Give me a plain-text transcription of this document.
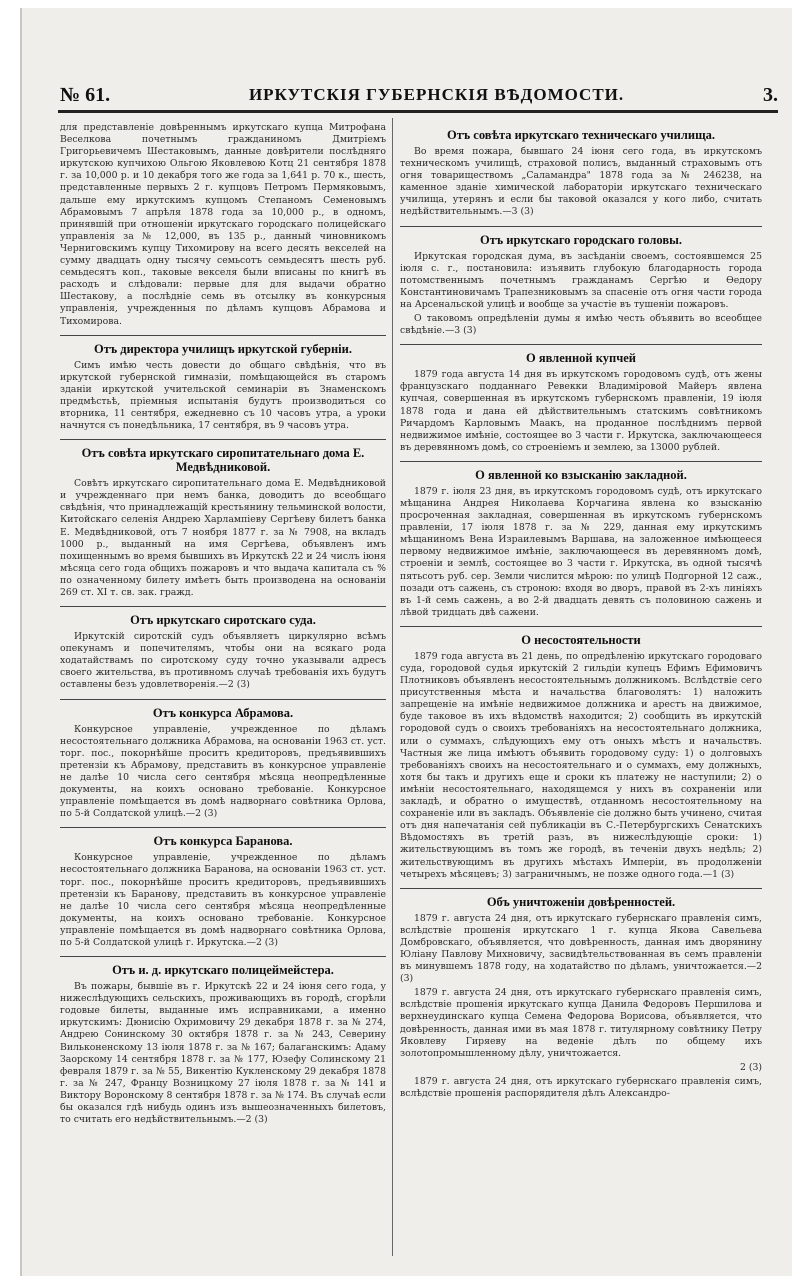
№ 61.	ИРКУТСКІЯ ГУБЕРНСКІЯ ВѢДОМОСТИ.	3.

для представленіе довѣреннымъ иркутскаго купца Митрофана Веселкова почетнымъ гражданиномъ Дмитріемъ Григорьевичемъ Шестаковымъ, данные довѣрители послѣдняго иркутскою купчихою Ольгою Яковлевою Котц 21 сентября 1878 г. за 10,000 р. и 10 декабря того же года за 1,641 р. 70 к., шесть, представленные первыхъ 2 г. купцовъ Петромъ Пермяковымъ, дальше ему иркутскимъ купцомъ Степаномъ Семеновымъ Абрамовымъ 7 апрѣля 1878 года за 10,000 р., в одномъ, принявшій при отношеніи иркутскаго городскаго полицейскаго управленія за № 12,000, въ 135 р., данный чиновникомъ Черниговскимъ купцу Тихомирову на всего десять векселей на сумму двадцать одну тысячу семьсотъ семьдесятъ шесть руб. семьдесятъ коп., таковые векселя были вписаны по книгѣ въ расходъ и слѣдовали: первые для для выдачи обратно Шестакову, а послѣдніе семь въ отсылку въ конкурсныя управленія, учрежденныя по дѣламъ купцовъ Абрамова и Тихомирова.

Отъ директора училищъ иркутской губерніи.

Симъ имѣю честь довести до общаго свѣдѣнія, что въ иркутской губернской гимназіи, помѣщающейся въ старомъ зданіи иркутской учительской семинаріи въ Знаменскомъ предмѣстьѣ, пріемныя испытанія будутъ производиться со вторника, 11 сентября, ежедневно съ 10 часовъ утра, а уроки начнутся съ понедѣльника, 17 сентября, въ 9 часовъ утра.

Отъ совѣта иркутскаго сиропитательнаго дома Е. Медвѣдниковой.

Совѣтъ иркутскаго сиропитательнаго дома Е. Медвѣдниковой и учрежденнаго при немъ банка, доводитъ до всеобщаго свѣдѣнія, что принадлежащій крестьянину тельминской волости, Китойскаго селенія Андрею Харлампіеву Сергѣеву билетъ банка Е. Медвѣдниковой, отъ 7 ноября 1877 г. за № 7908, на вкладъ 1000 р., выданный на имя Сергѣева, объявленъ имъ похищеннымъ во время бывшихъ въ Иркутскѣ 22 и 24 числъ іюня мѣсяца сего года общихъ пожаровъ и что выдача капитала съ % по означенному билету имѣетъ быть производена на основаніи 269 ст. XI т. св. зак. гражд.

Отъ иркутскаго сиротскаго суда.

Иркутскій сиротскій судъ объявляетъ циркулярно всѣмъ опекунамъ и попечителямъ, чтобы они на всякаго рода ходатайствамъ по сиротскому суду точно указывали адресъ своего жительства, въ противномъ случаѣ требованія ихъ будутъ оставлены безъ удовлетворенія.—2 (3)

Отъ конкурса Абрамова.

Конкурсное управленіе, учрежденное по дѣламъ несостоятельнаго должника Абрамова, на основаніи 1963 ст. уст. торг. пос., покорнѣйше проситъ кредиторовъ, предъявившихъ претензіи къ Абрамову, представить въ конкурсное управленіе не далѣе 10 числа сего сентября мѣсяца неопредѣленные документы, на коихъ основано требованіе. Конкурсное управленіе помѣщается въ домѣ надворнаго совѣтника Орлова, по 5-й Солдатской улицѣ.—2 (3)

Отъ конкурса Баранова.

Конкурсное управленіе, учрежденное по дѣламъ несостоятельнаго должника Баранова, на основаніи 1963 ст. уст. торг. пос., покорнѣйше проситъ кредиторовъ, предъявившихъ претензіи къ Баранову, представить въ конкурсное управленіе не далѣе 10 числа сего сентября мѣсяца неопредѣленные документы, на коихъ основано требованіе. Конкурсное управленіе помѣщается въ домѣ надворнаго совѣтника Орлова, по 5-й Солдатской улицѣ г. Иркутска.—2 (3)

Отъ и. д. иркутскаго полицеймейстера.

Въ пожары, бывшіе въ г. Иркутскѣ 22 и 24 іюня сего года, у нижеслѣдующихъ сельскихъ, проживающихъ въ городѣ, сгорѣли годовые билеты, выданные имъ исправниками, а именно иркутскимъ: Дюнисію Охримовичу 29 декабря 1878 г. за № 274, Андрею Сонинскому 30 октября 1878 г. за № 243, Северину Вильконенскому 13 іюля 1878 г. за № 167; балаганскимъ: Адаму Заорскому 14 сентября 1878 г. за № 177, Юзефу Солинскому 21 февраля 1879 г. за № 55, Викентію Кукленскому 29 декабря 1878 г. за № 247, Францу Возницкому 27 іюля 1878 г. за № 141 и Виктору Воронскому 8 сентября 1878 г. за № 174. Въ случаѣ если бы оказался гдѣ нибудь одинъ изъ вышеозначенныхъ билетовъ, то считать его недѣйствительнымъ.—2 (3)

Отъ совѣта иркутскаго техническаго училища.

Во время пожара, бывшаго 24 іюня сего года, въ иркутскомъ техническомъ училищѣ, страховой полисъ, выданный страховымъ отъ огня товариществомъ „Саламандра" 1878 года за № 246238, на каменное зданіе химической лабораторіи иркутскаго техническаго училища, утерянъ и если бы таковой оказался у кого либо, считать недѣйствительнымъ.—3 (3)

Отъ иркутскаго городскаго головы.

Иркутская городская дума, въ засѣданіи своемъ, состоявшемся 25 іюля с. г., постановила: изъявить глубокую благодарность города потомственнымъ почетнымъ гражданамъ Сергѣю и Ѳедору Константиновичамъ Трапезниковымъ за спасеніе отъ огня части города на Арсенальской улицѣ и вообще за участіе въ тушеніи пожаровъ.

О таковомъ опредѣленіи думы я имѣю честь объявить во всеобщее свѣдѣніе.—3 (3)

О явленной купчей

1879 года августа 14 дня въ иркутскомъ городовомъ судѣ, отъ жены французскаго подданнаго Ревекки Владиміровой Майеръ явлена купчая, совершенная въ иркутскомъ губернскомъ правленіи, 19 іюля 1878 года и дана ей дѣйствительнымъ статскимъ совѣтникомъ Ричардомъ Карловымъ Маакъ, на проданное послѣднимъ первой недвижимое имѣніе, состоящее во 3 части г. Иркутска, заключающееся въ деревянномъ домѣ, со строеніемъ и землею, за 13000 рублей.

О явленной ко взысканію закладной.

1879 г. іюля 23 дня, въ иркутскомъ городовомъ судѣ, отъ иркутскаго мѣщанина Андрея Николаева Корчагина явлена ко взысканію просроченная закладная, совершенная въ иркутскомъ губернскомъ правленіи, 17 іюля 1878 г. за № 229, данная ему иркутскимъ мѣщаниномъ Вена Израилевымъ Варшава, на заложенное имѣющееся первому недвижимое имѣніе, заключающееся въ деревянномъ домѣ, строеніи и землѣ, состоящее во 3 части г. Иркутска, въ одной тысячѣ пятьсотъ руб. сер. Земли числится мѣрою: по улицѣ Подгорной 12 саж., позади отъ сажень, съ строною: входя во дворъ, правой въ 2-хъ линіяхъ въ 1-й семь сажень, а во 2-й двадцать девять съ половиною сажень и лѣвой тридцать двѣ сажени.

О несостоятельности

1879 года августа въ 21 день, по опредѣленію иркутскаго городоваго суда, городовой судья иркутскій 2 гильдіи купецъ Ефимъ Ефимовичъ Плотниковъ объявленъ несостоятельнымъ должникомъ. Вслѣдствіе сего присутственныя мѣста и начальства благоволятъ: 1) наложить запрещеніе на имѣніе недвижимое должника и арестъ на движимое, буде таковое въ ихъ вѣдомствѣ находится; 2) сообщить въ иркутскій городовой судъ о своихъ требованіяхъ на несостоятельнаго должника, или о суммахъ, слѣдующихъ ему отъ оныхъ мѣстъ и начальствъ. Частныя же лица имѣютъ объявить городовому суду: 1) о долговыхъ требованіяхъ своихъ на несостоятельнаго и о суммахъ, ему должныхъ, хотя бы такъ и другихъ еще и сроки къ платежу не наступили; 2) о имѣніи несостоятельнаго, находящемся у нихъ въ сохраненіи или закладѣ, и обратно о имуществѣ, отданномъ несостоятельному на сохраненіе или въ закладъ. Объявленіе сіе должно быть учинено, считая отъ дня напечатанія сей публикаціи въ С.-Петербургскихъ Сенатскихъ Вѣдомостяхъ въ третій разъ, въ нижеслѣдующіе сроки: 1) жительствующимъ въ томъ же городѣ, въ теченіи двухъ недѣль; 2) жительствующимъ въ другихъ мѣстахъ Имперіи, въ продолженіи четырехъ мѣсяцевъ; 3) заграничнымъ, не позже одного года.—1 (3)

Объ уничтоженіи довѣренностей.

1879 г. августа 24 дня, отъ иркутскаго губернскаго правленія симъ, вслѣдствіе прошенія иркутскаго 1 г. купца Якова Савельева Домбровскаго, объявляется, что довѣренность, данная имъ дворянину Юліану Павлову Михновичу, засвидѣтельствованная въ семъ правленіи въ минувшемъ 1878 году, на ходатайство по дѣламъ, уничтожается.—2 (3)

1879 г. августа 24 дня, отъ иркутскаго губернскаго правленія симъ, вслѣдствіе прошенія иркутскаго купца Данила Федоровъ Першилова и верхнеудинскаго купца Семена Федорова Ворисова, объявляется, что довѣренность, данная ими въ мая 1878 г. титулярному совѣтнику Петру Яковлеву Гиряеву на веденіе дѣлъ по общему ихъ золотопромышленному дѣлу, уничтожается.

2 (3)

1879 г. августа 24 дня, отъ иркутскаго губернскаго правленія симъ, вслѣдствіе прошенія распорядителя дѣлъ Александро-
